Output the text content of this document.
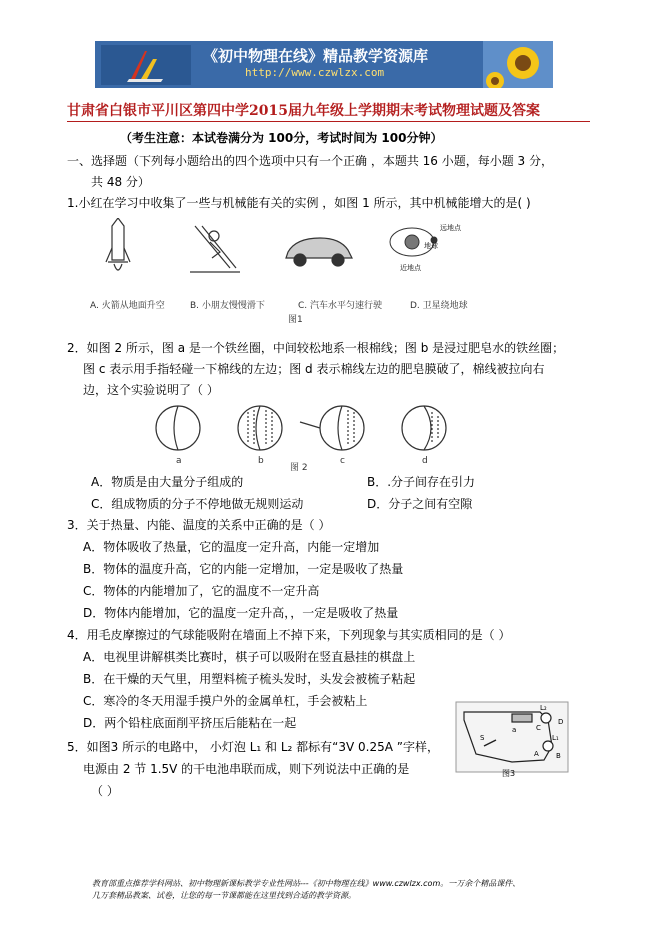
《初中物理在线》精品教学资源库
http://www.czwlzx.com
甘肃省白银市平川区第四中学2015届九年级上学期期末考试物理试题及答案
（考生注意：本试卷满分为 100分，考试时间为 100分钟）
一、选择题（下列每小题给出的四个选项中只有一个正确 ，本题共 16 小题，每小题 3 分，
共 48 分）
1.小红在学习中收集了一些与机械能有关的实例 ，如图 1 所示，其中机械能增大的是( )
远地点
地球
近地点
A. 火箭从地面升空	B. 小朋友慢慢滑下	C. 汽车水平匀速行驶	D. 卫星绕地球
图1
2．如图 2 所示，图 a 是一个铁丝圈，中间较松地系一根棉线；图 b 是浸过肥皂水的铁丝圈；
图 c 表示用手指轻碰一下棉线的左边；图 d 表示棉线左边的肥皂膜破了，棉线被拉向右
边，这个实验说明了（ ）
a	b	c	d
图 2
A．物质是由大量分子组成的	B．.分子间存在引力
C．组成物质的分子不停地做无规则运动	D．分子之间有空隙
3．关于热量、内能、温度的关系中正确的是（ ）
A．物体吸收了热量，它的温度一定升高，内能一定增加
B．物体的温度升高，它的内能一定增加，一定是吸收了热量
C．物体的内能增加了，它的温度不一定升高
D．物体内能增加，它的温度一定升高，，一定是吸收了热量
4．用毛皮摩擦过的气球能吸附在墙面上不掉下来，下列现象与其实质相同的是（ ）
A．电视里讲解棋类比赛时，棋子可以吸附在竖直悬挂的棋盘上
B．在干燥的天气里，用塑料梳子梳头发时，头发会被梳子粘起
C．寒冷的冬天用湿手摸户外的金属单杠，手会被粘上
D．两个铅柱底面削平挤压后能粘在一起
5．如图3 所示的电路中， 小灯泡 L₁ 和 L₂ 都标有“3V 0.25A ”字样，
电源由 2 节 1.5V 的干电池串联而成，则下列说法中正确的是
（ ）
L₂
C
D
L₁
A B
S
a
图3
教育部重点推荐学科网站、初中物理新课标教学专业性网站---《初中物理在线》www.czwlzx.com。一万余个精品课件、
几万套精品教案、试卷，让您的每一节课都能在这里找到合适的教学资源。
